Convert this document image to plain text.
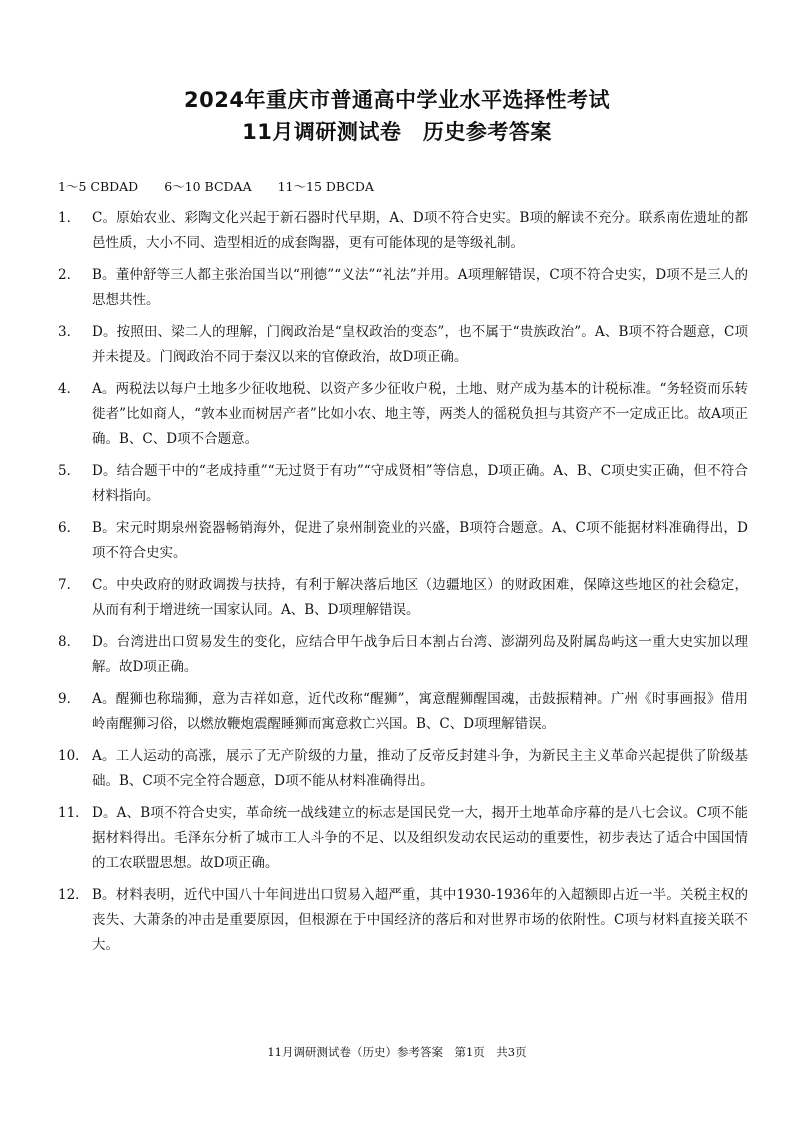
2024年重庆市普通高中学业水平选择性考试
11月调研测试卷　历史参考答案
1～5 CBDAD 6～10 BCDAA 11～15 DBCDA
1． C。原始农业、彩陶文化兴起于新石器时代早期，A、D项不符合史实。B项的解读不充分。联系南佐遗址的都邑性质，大小不同、造型相近的成套陶器，更有可能体现的是等级礼制。
2． B。董仲舒等三人都主张治国当以“刑德”“义法”“礼法”并用。A项理解错误，C项不符合史实，D项不是三人的思想共性。
3． D。按照田、梁二人的理解，门阀政治是“皇权政治的变态”，也不属于“贵族政治”。A、B项不符合题意，C项并未提及。门阀政治不同于秦汉以来的官僚政治，故D项正确。
4． A。两税法以每户土地多少征收地税、以资产多少征收户税，土地、财产成为基本的计税标准。“务轻资而乐转徙者”比如商人，“敦本业而树居产者”比如小农、地主等，两类人的徭税负担与其资产不一定成正比。故A项正确。B、C、D项不合题意。
5． D。结合题干中的“老成持重”“无过贤于有功”“守成贤相”等信息，D项正确。A、B、C项史实正确，但不符合材料指向。
6． B。宋元时期泉州瓷器畅销海外，促进了泉州制瓷业的兴盛，B项符合题意。A、C项不能据材料准确得出，D项不符合史实。
7． C。中央政府的财政调拨与扶持，有利于解决落后地区（边疆地区）的财政困难，保障这些地区的社会稳定，从而有利于增进统一国家认同。A、B、D项理解错误。
8． D。台湾进出口贸易发生的变化，应结合甲午战争后日本割占台湾、澎湖列岛及附属岛屿这一重大史实加以理解。故D项正确。
9． A。醒狮也称瑞狮，意为吉祥如意，近代改称“醒狮”，寓意醒狮醒国魂，击鼓振精神。广州《时事画报》借用岭南醒狮习俗，以燃放鞭炮震醒睡狮而寓意救亡兴国。B、C、D项理解错误。
10． A。工人运动的高涨，展示了无产阶级的力量，推动了反帝反封建斗争，为新民主主义革命兴起提供了阶级基础。B、C项不完全符合题意，D项不能从材料准确得出。
11． D。A、B项不符合史实，革命统一战线建立的标志是国民党一大，揭开土地革命序幕的是八七会议。C项不能据材料得出。毛泽东分析了城市工人斗争的不足、以及组织发动农民运动的重要性，初步表达了适合中国国情的工农联盟思想。故D项正确。
12． B。材料表明，近代中国八十年间进出口贸易入超严重，其中1930-1936年的入超额即占近一半。关税主权的丧失、大萧条的冲击是重要原因，但根源在于中国经济的落后和对世界市场的依附性。C项与材料直接关联不大。
11月调研测试卷（历史）参考答案　第1页　共3页
